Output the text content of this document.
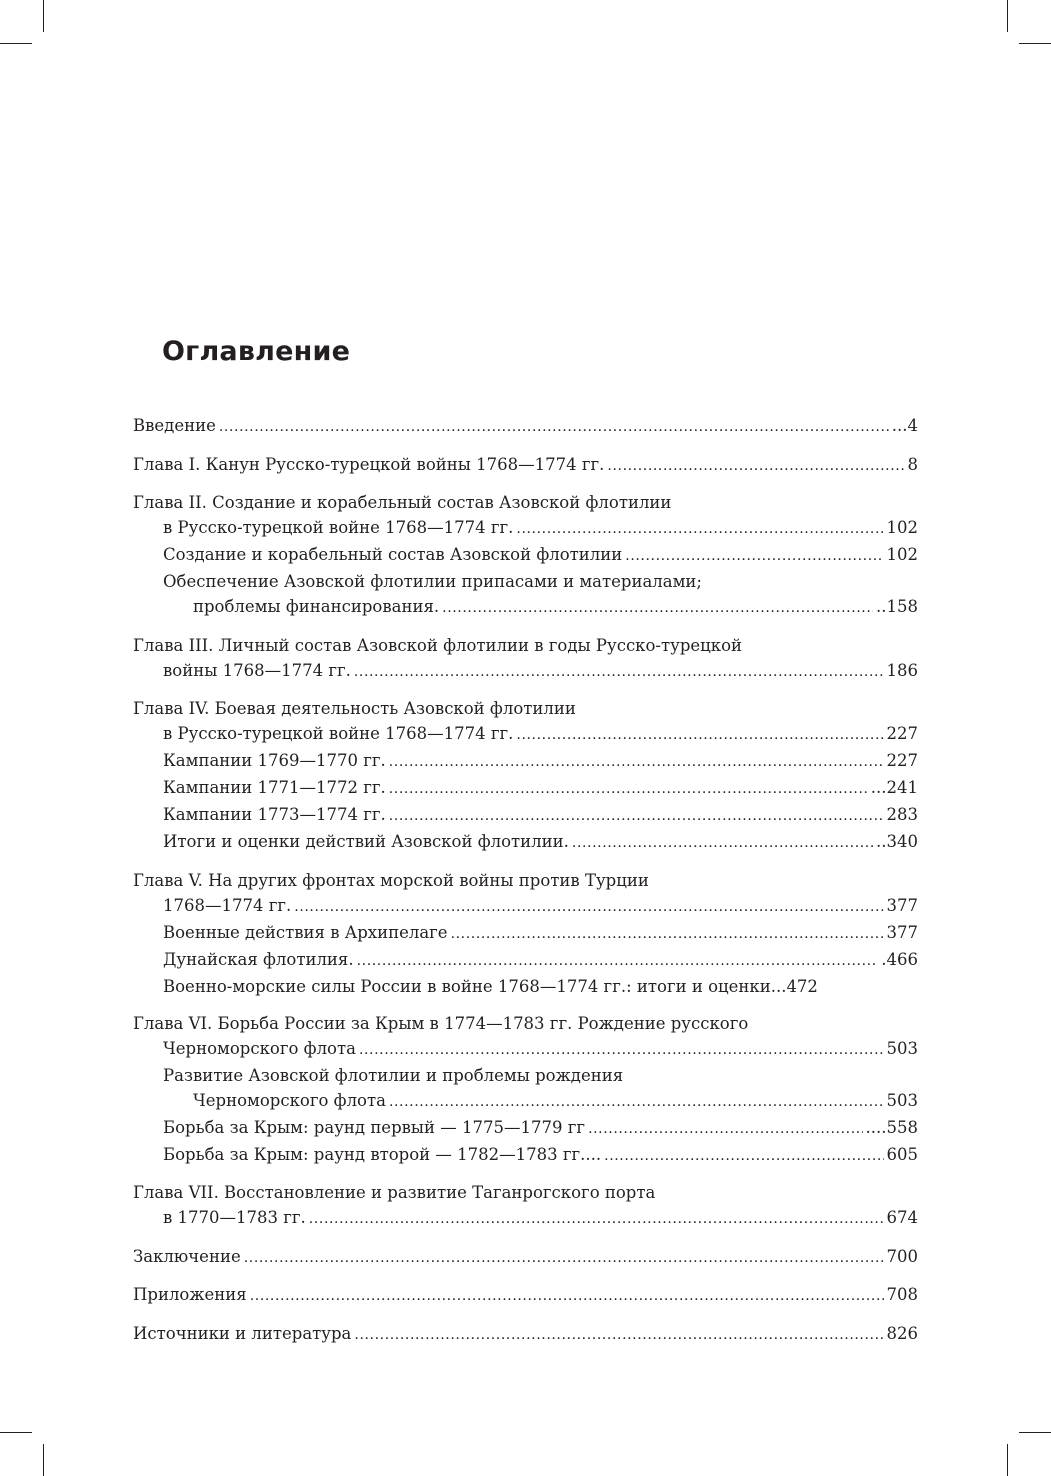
Оглавление
Введение .....	...4
Глава I. Канун Русско-турецкой войны 1768—1774 гг. .....	8
Глава II. Создание и корабельный состав Азовской флотилии
в Русско-турецкой войне 1768—1774 гг. .....	102
Создание и корабельный состав Азовской флотилии .....	102
Обеспечение Азовской флотилии припасами и материалами;
проблемы финансирования. .....	..158
Глава III. Личный состав Азовской флотилии в годы Русско-турецкой
войны 1768—1774 гг. .....	186
Глава IV. Боевая деятельность Азовской флотилии
в Русско-турецкой войне 1768—1774 гг. .....	227
Кампании 1769—1770 гг. .....	227
Кампании 1771—1772 гг. .....	...241
Кампании 1773—1774 гг. .....	283
Итоги и оценки действий Азовской флотилии. .....	..340
Глава V. На других фронтах морской войны против Турции
1768—1774 гг. .....	377
Военные действия в Архипелаге .....	377
Дунайская флотилия. .....	.466
Военно-морские силы России в войне 1768—1774 гг.: итоги и оценки...472
Глава VI. Борьба России за Крым в 1774—1783 гг. Рождение русского
Черноморского флота .....	503
Развитие Азовской флотилии и проблемы рождения
Черноморского флота .....	503
Борьба за Крым: раунд первый — 1775—1779 гг .....	....558
Борьба за Крым: раунд второй — 1782—1783 гг.... .....	605
Глава VII. Восстановление и развитие Таганрогского порта
в 1770—1783 гг. .....	674
Заключение .....	700
Приложения .....	708
Источники и литература .....	826
